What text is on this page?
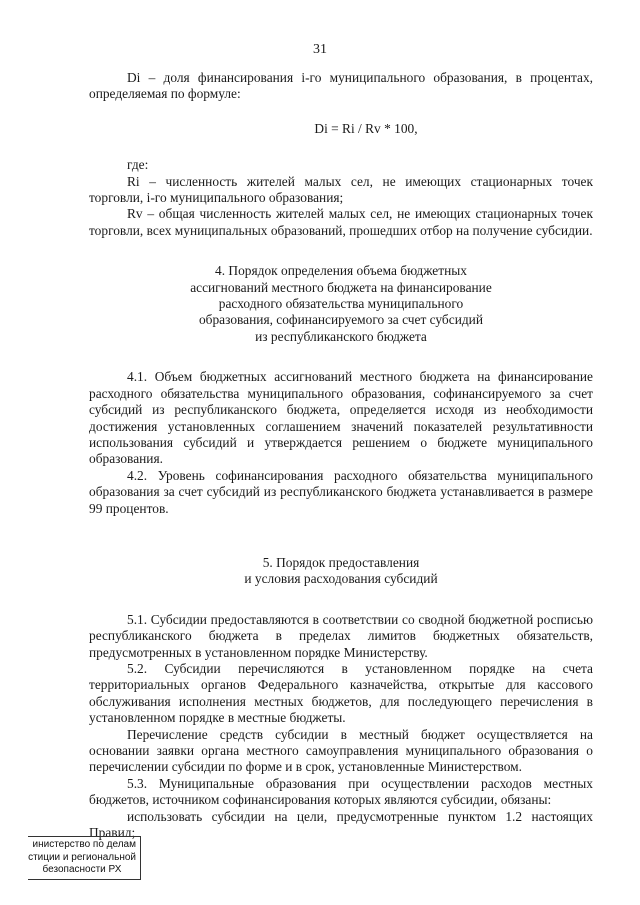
31

Di – доля финансирования i-го муниципального образования, в процентах, определяемая по формуле:

Di = Ri / Rv * 100,

где:

Ri – численность жителей малых сел, не имеющих стационарных точек торговли, i-го муниципального образования;

Rv – общая численность жителей малых сел, не имеющих стационарных точек торговли, всех муниципальных образований, прошедших отбор на получение субсидии.

4. Порядок определения объема бюджетных
ассигнований местного бюджета на финансирование
расходного обязательства муниципального
образования, софинансируемого за счет субсидий
из республиканского бюджета

4.1. Объем бюджетных ассигнований местного бюджета на финансирование расходного обязательства муниципального образования, софинансируемого за счет субсидий из республиканского бюджета, определяется исходя из необходимости достижения установленных соглашением значений показателей результативности использования субсидий и утверждается решением о бюджете муниципального образования.

4.2. Уровень софинансирования расходного обязательства муниципального образования за счет субсидий из республиканского бюджета устанавливается в размере 99 процентов.

5. Порядок предоставления
и условия расходования субсидий

5.1. Субсидии предоставляются в соответствии со сводной бюджетной росписью республиканского бюджета в пределах лимитов бюджетных обязательств, предусмотренных в установленном порядке Министерству.

5.2. Субсидии перечисляются в установленном порядке на счета территориальных органов Федерального казначейства, открытые для кассового обслуживания исполнения местных бюджетов, для последующего перечисления в установленном порядке в местные бюджеты.

Перечисление средств субсидии в местный бюджет осуществляется на основании заявки органа местного самоуправления муниципального образования о перечислении субсидии по форме и в срок, установленные Министерством.

5.3. Муниципальные образования при осуществлении расходов местных бюджетов, источником софинансирования которых являются субсидии, обязаны:

использовать субсидии на цели, предусмотренные пунктом 1.2 настоящих Правил;

инистерство по делам
стиции и региональной
безопасности РХ
